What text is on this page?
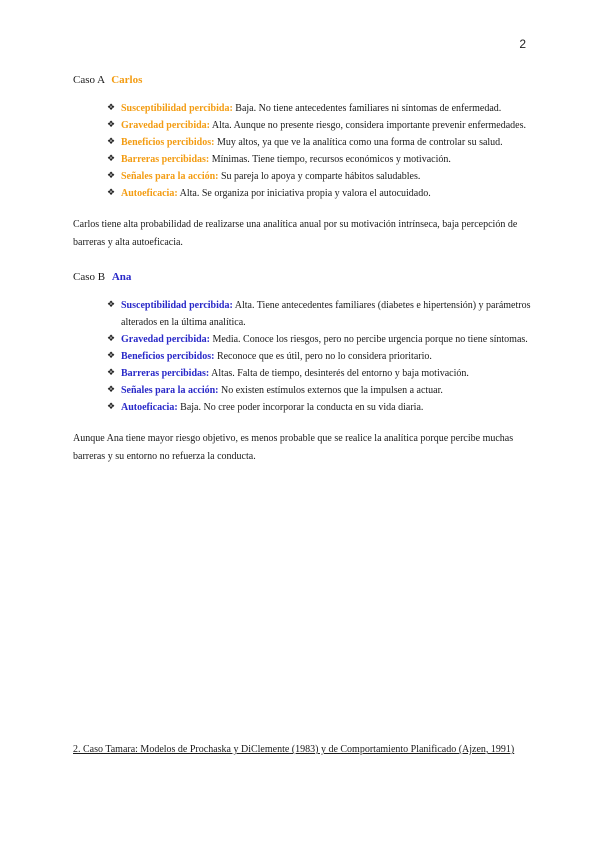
2

Caso A Carlos

❖ Susceptibilidad percibida: Baja. No tiene antecedentes familiares ni síntomas de enfermedad.
❖ Gravedad percibida: Alta. Aunque no presente riesgo, considera importante prevenir enfermedades.
❖ Beneficios percibidos: Muy altos, ya que ve la analítica como una forma de controlar su salud.
❖ Barreras percibidas: Mínimas. Tiene tiempo, recursos económicos y motivación.
❖ Señales para la acción: Su pareja lo apoya y comparte hábitos saludables.
❖ Autoeficacia: Alta. Se organiza por iniciativa propia y valora el autocuidado.

Carlos tiene alta probabilidad de realizarse una analítica anual por su motivación intrínseca, baja percepción de barreras y alta autoeficacia.

Caso B Ana

❖ Susceptibilidad percibida: Alta. Tiene antecedentes familiares (diabetes e hipertensión) y parámetros alterados en la última analítica.
❖ Gravedad percibida: Media. Conoce los riesgos, pero no percibe urgencia porque no tiene síntomas.
❖ Beneficios percibidos: Reconoce que es útil, pero no lo considera prioritario.
❖ Barreras percibidas: Altas. Falta de tiempo, desinterés del entorno y baja motivación.
❖ Señales para la acción: No existen estímulos externos que la impulsen a actuar.
❖ Autoeficacia: Baja. No cree poder incorporar la conducta en su vida diaria.

Aunque Ana tiene mayor riesgo objetivo, es menos probable que se realice la analítica porque percibe muchas barreras y su entorno no refuerza la conducta.

2. Caso Tamara: Modelos de Prochaska y DiClemente (1983) y de Comportamiento Planificado (Ajzen, 1991)
